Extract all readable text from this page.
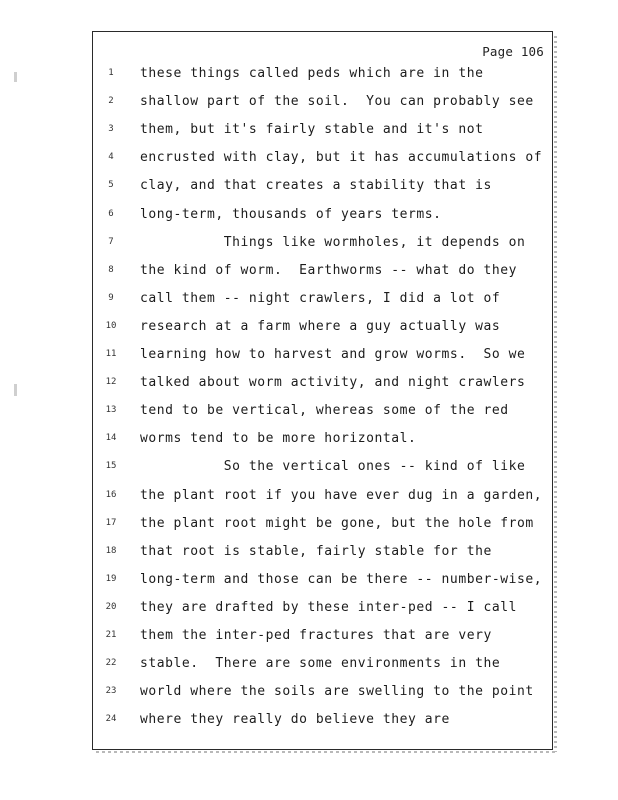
Page 106
1	these things called peds which are in the
2	shallow part of the soil.  You can probably see
3	them, but it's fairly stable and it's not
4	encrusted with clay, but it has accumulations of
5	clay, and that creates a stability that is
6	long-term, thousands of years terms.
7	Things like wormholes, it depends on
8	the kind of worm.  Earthworms -- what do they
9	call them -- night crawlers, I did a lot of
10	research at a farm where a guy actually was
11	learning how to harvest and grow worms.  So we
12	talked about worm activity, and night crawlers
13	tend to be vertical, whereas some of the red
14	worms tend to be more horizontal.
15	So the vertical ones -- kind of like
16	the plant root if you have ever dug in a garden,
17	the plant root might be gone, but the hole from
18	that root is stable, fairly stable for the
19	long-term and those can be there -- number-wise,
20	they are drafted by these inter-ped -- I call
21	them the inter-ped fractures that are very
22	stable.  There are some environments in the
23	world where the soils are swelling to the point
24	where they really do believe they are
